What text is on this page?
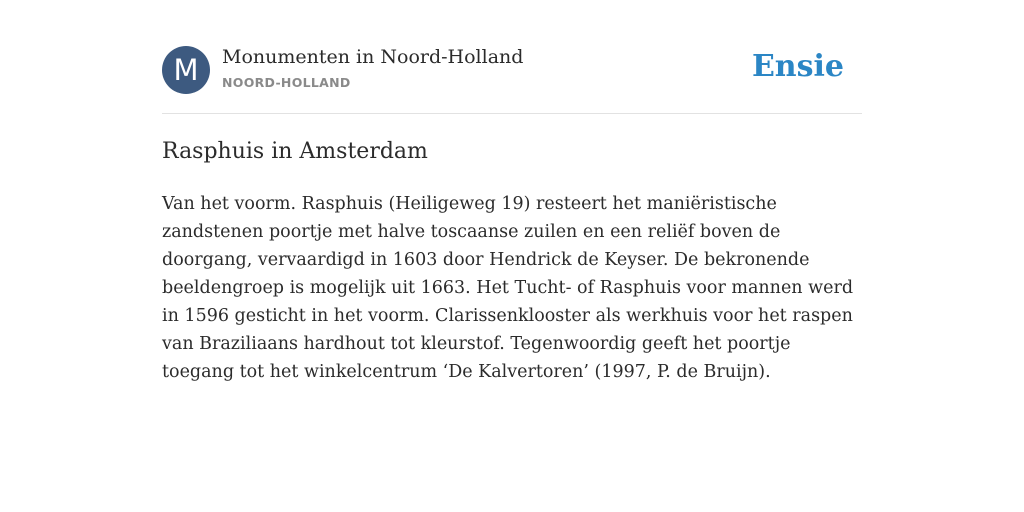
M	Monumenten in Noord-Holland
NOORD-HOLLAND	Ensie
Rasphuis in Amsterdam

Van het voorm. Rasphuis (Heiligeweg 19) resteert het maniëristische zandstenen poortje met halve toscaanse zuilen en een reliëf boven de doorgang, vervaardigd in 1603 door Hendrick de Keyser. De bekronende beeldengroep is mogelijk uit 1663. Het Tucht- of Rasphuis voor mannen werd in 1596 gesticht in het voorm. Clarissenklooster als werkhuis voor het raspen van Braziliaans hardhout tot kleurstof. Tegenwoordig geeft het poortje toegang tot het winkelcentrum ‘De Kalvertoren’ (1997, P. de Bruijn).
